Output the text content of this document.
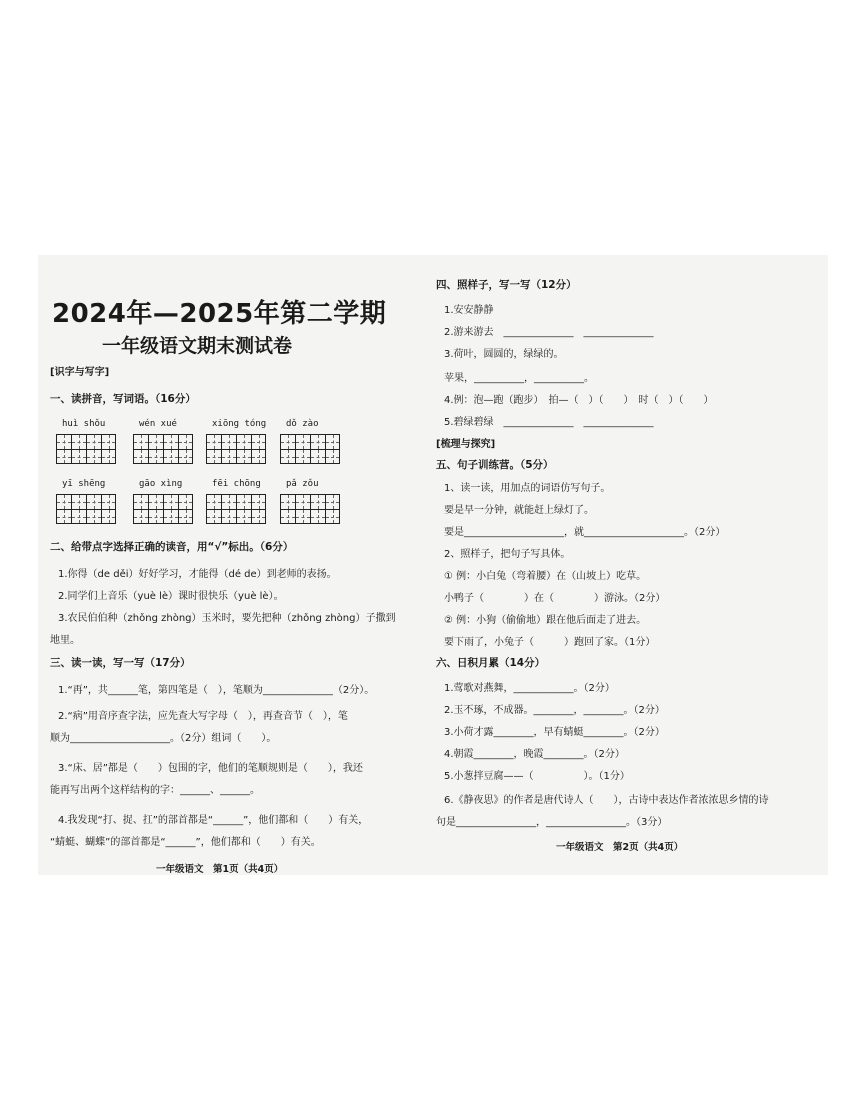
2024年—2025年第二学期
一年级语文期末测试卷
[识字与写字]
一、读拼音，写词语。（16分）
huì shǒu	wén xué	xiōng tóng	dǒ zào
yī shēng	gāo xìng	fēi chōng	pǎ zǒu
二、给带点字选择正确的读音，用“√”标出。（6分）
1.你得（de děi）好好学习，才能得（dé de）到老师的表扬。
2.同学们上音乐（yuè lè）课时很快乐（yuè lè）。
3.农民伯伯种（zhǒng zhòng）玉米时，要先把种（zhǒng zhòng）子撒到
地里。
三、读一读，写一写（17分）
1.“再”，共______笔，第四笔是（　），笔顺为______________（2分）。
2.“病”用音序查字法，应先查大写字母（　），再查音节（　），笔
顺为____________________。（2分）组词（　　）。
3.“床、居”都是（　　）包围的字，他们的笔顺规则是（　　），我还
能再写出两个这样结构的字：______、______。
4.我发现“打、捉、扛”的部首都是“______”，他们都和（　　）有关，
“蜻蜓、蝴蝶”的部首都是“______”，他们都和（　　）有关。
一年级语文　第1页（共4页）
四、照样子，写一写（12分）
1.安安静静
2.游来游去　______________　______________
3.荷叶，圆圆的，绿绿的。
苹果，__________，__________。
4.例：泡—跑（跑步）　拍—（　）（　　）　时（　）（　　）
5.碧绿碧绿　______________　______________
[梳理与探究]
五、句子训练营。（5分）
1、读一读，用加点的词语仿写句子。
要是早一分钟，就能赶上绿灯了。
要是____________________，就____________________。（2分）
2、照样子，把句子写具体。
① 例：小白兔（弯着腰）在（山坡上）吃草。
小鸭子（　　　　）在（　　　　）游泳。（2分）
② 例：小狗（偷偷地）跟在他后面走了进去。
要下雨了，小兔子（　　　）跑回了家。（1分）
六、日积月累（14分）
1.莺歌对燕舞，____________。（2分）
2.玉不琢，不成器。________，________。（2分）
3.小荷才露________，早有蜻蜓________。（2分）
4.朝霞________，晚霞________。（2分）
5.小葱拌豆腐——（　　　　　）。（1分）
6.《静夜思》的作者是唐代诗人（　　），古诗中表达作者浓浓思乡情的诗
句是________________，________________。（3分）
一年级语文　第2页（共4页）
